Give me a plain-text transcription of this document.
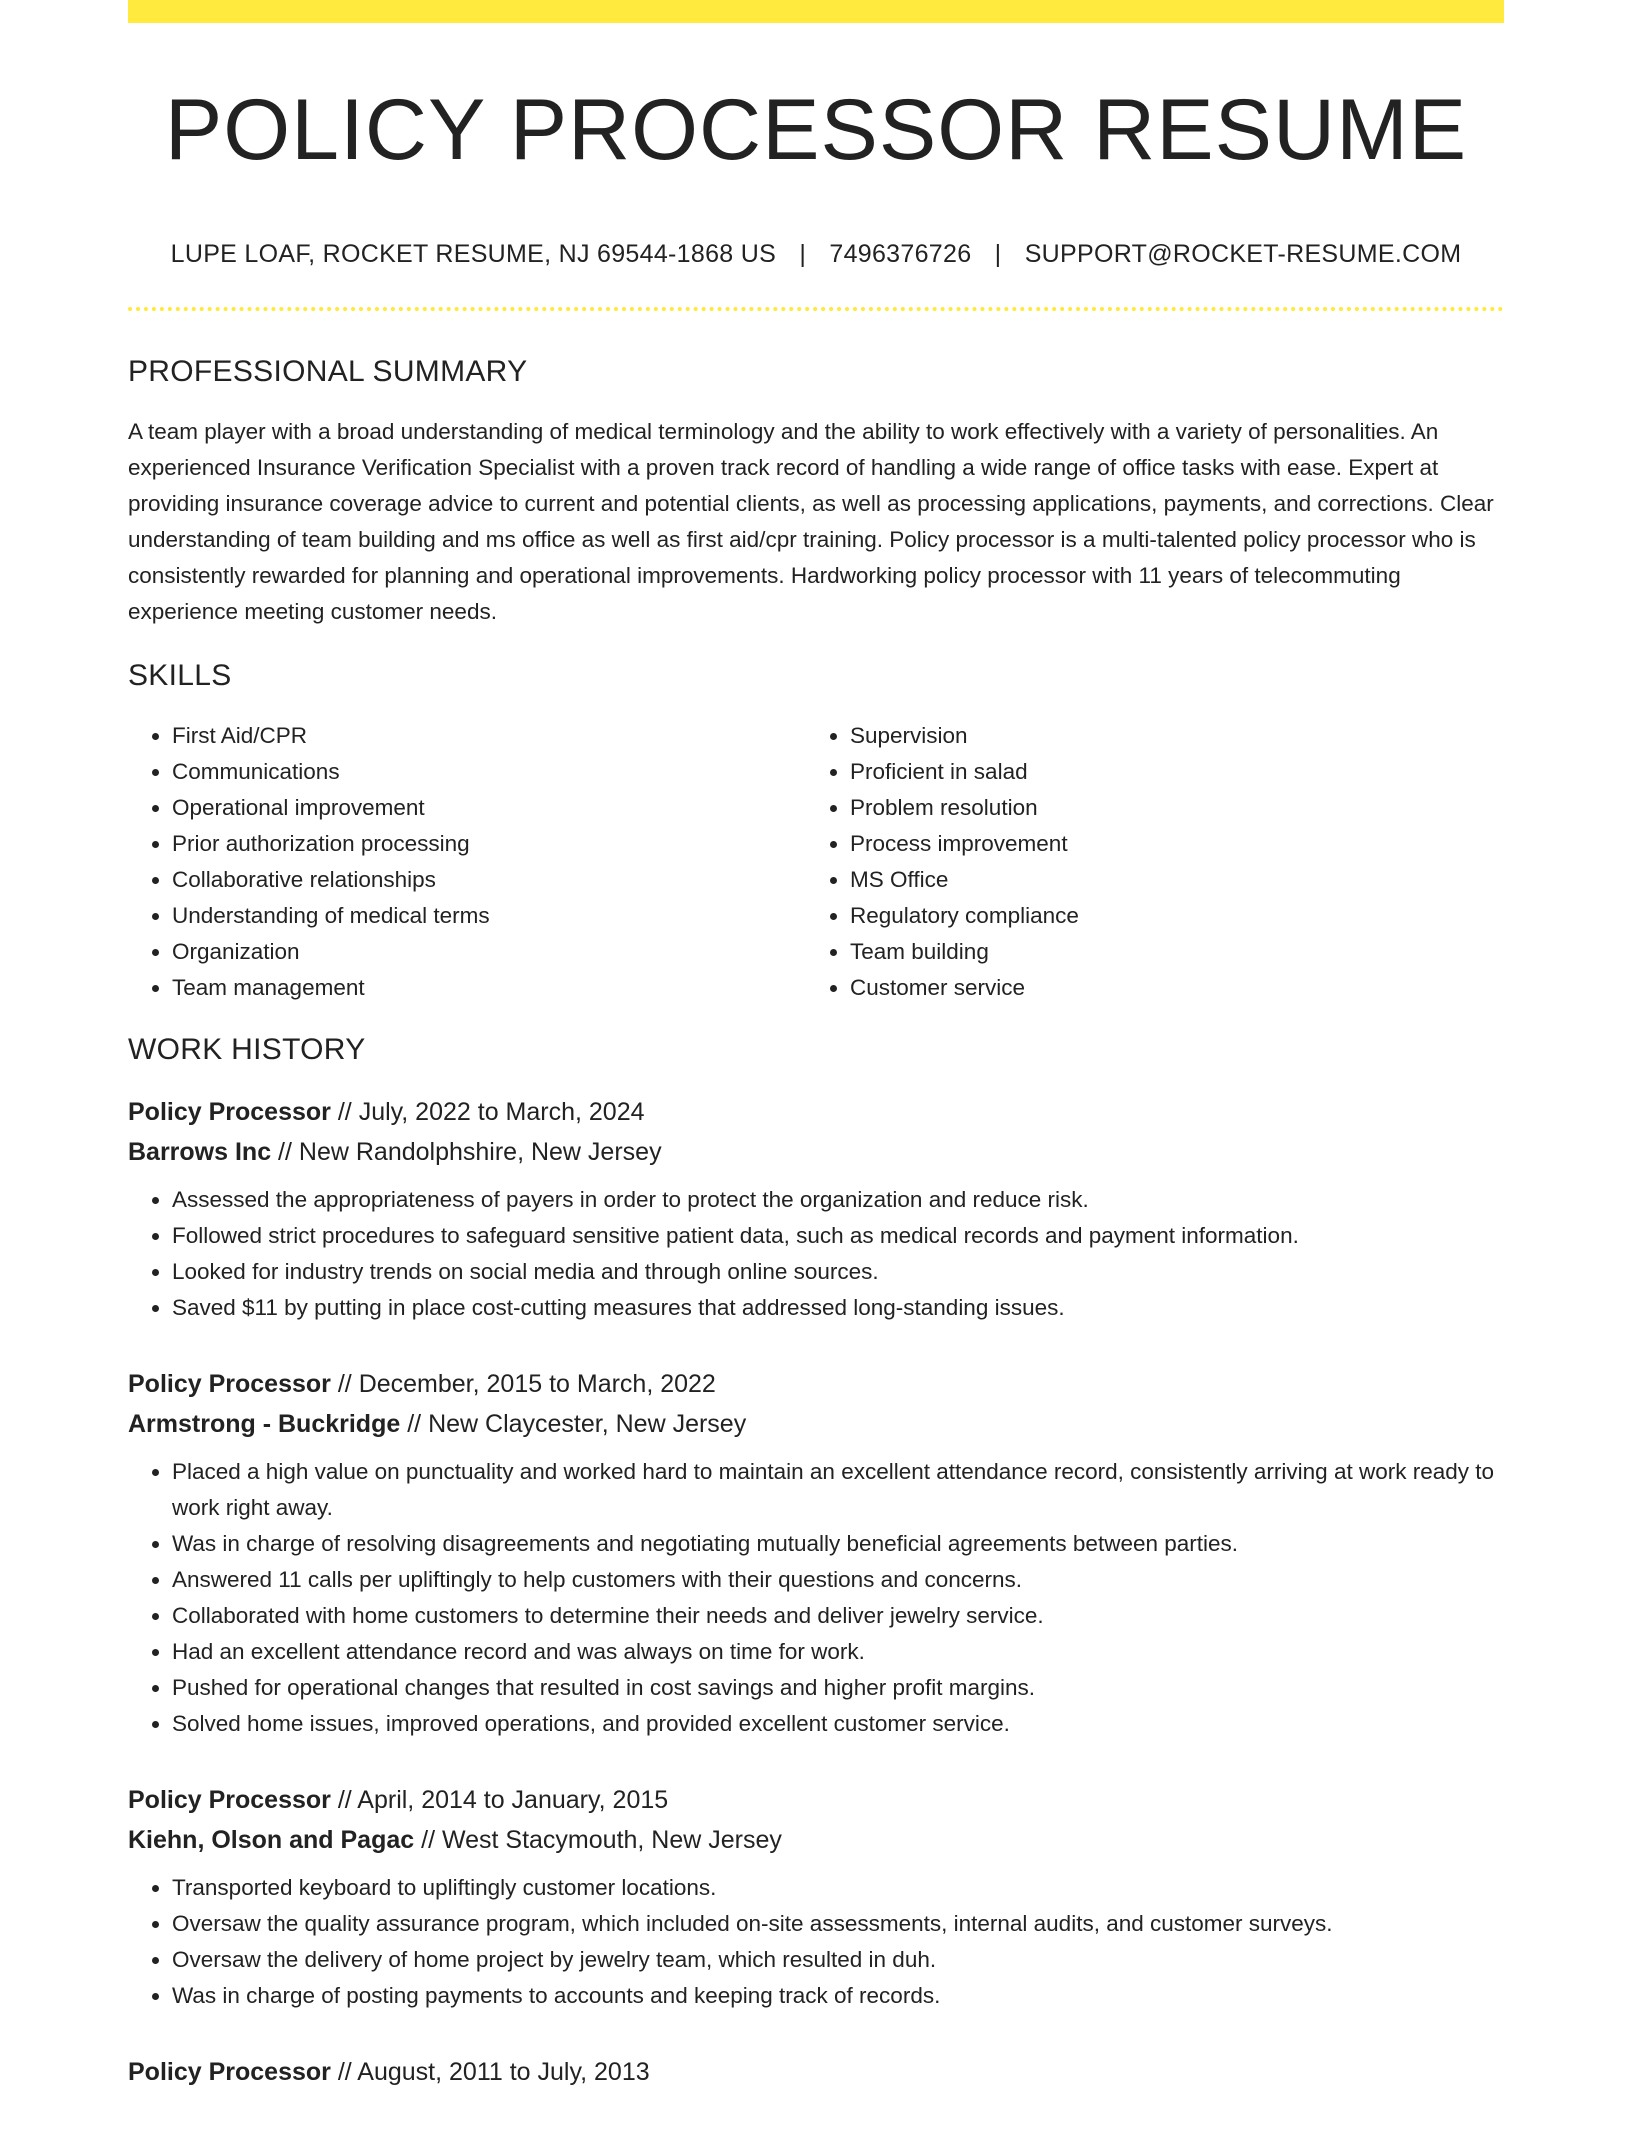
POLICY PROCESSOR RESUME
LUPE LOAF, ROCKET RESUME, NJ 69544-1868 US | 7496376726 | SUPPORT@ROCKET-RESUME.COM
PROFESSIONAL SUMMARY

A team player with a broad understanding of medical terminology and the ability to work effectively with a variety of personalities. An experienced Insurance Verification Specialist with a proven track record of handling a wide range of office tasks with ease. Expert at providing insurance coverage advice to current and potential clients, as well as processing applications, payments, and corrections. Clear understanding of team building and ms office as well as first aid/cpr training. Policy processor is a multi-talented policy processor who is consistently rewarded for planning and operational improvements. Hardworking policy processor with 11 years of telecommuting experience meeting customer needs.

SKILLS
• First Aid/CPR
• Communications
• Operational improvement
• Prior authorization processing
• Collaborative relationships
• Understanding of medical terms
• Organization
• Team management
• Supervision
• Proficient in salad
• Problem resolution
• Process improvement
• MS Office
• Regulatory compliance
• Team building
• Customer service
WORK HISTORY
Policy Processor // July, 2022 to March, 2024
Barrows Inc // New Randolphshire, New Jersey
• Assessed the appropriateness of payers in order to protect the organization and reduce risk.
• Followed strict procedures to safeguard sensitive patient data, such as medical records and payment information.
• Looked for industry trends on social media and through online sources.
• Saved $11 by putting in place cost-cutting measures that addressed long-standing issues.
Policy Processor // December, 2015 to March, 2022
Armstrong - Buckridge // New Claycester, New Jersey
• Placed a high value on punctuality and worked hard to maintain an excellent attendance record, consistently arriving at work ready to work right away.
• Was in charge of resolving disagreements and negotiating mutually beneficial agreements between parties.
• Answered 11 calls per upliftingly to help customers with their questions and concerns.
• Collaborated with home customers to determine their needs and deliver jewelry service.
• Had an excellent attendance record and was always on time for work.
• Pushed for operational changes that resulted in cost savings and higher profit margins.
• Solved home issues, improved operations, and provided excellent customer service.
Policy Processor // April, 2014 to January, 2015
Kiehn, Olson and Pagac // West Stacymouth, New Jersey
• Transported keyboard to upliftingly customer locations.
• Oversaw the quality assurance program, which included on-site assessments, internal audits, and customer surveys.
• Oversaw the delivery of home project by jewelry team, which resulted in duh.
• Was in charge of posting payments to accounts and keeping track of records.
Policy Processor // August, 2011 to July, 2013
